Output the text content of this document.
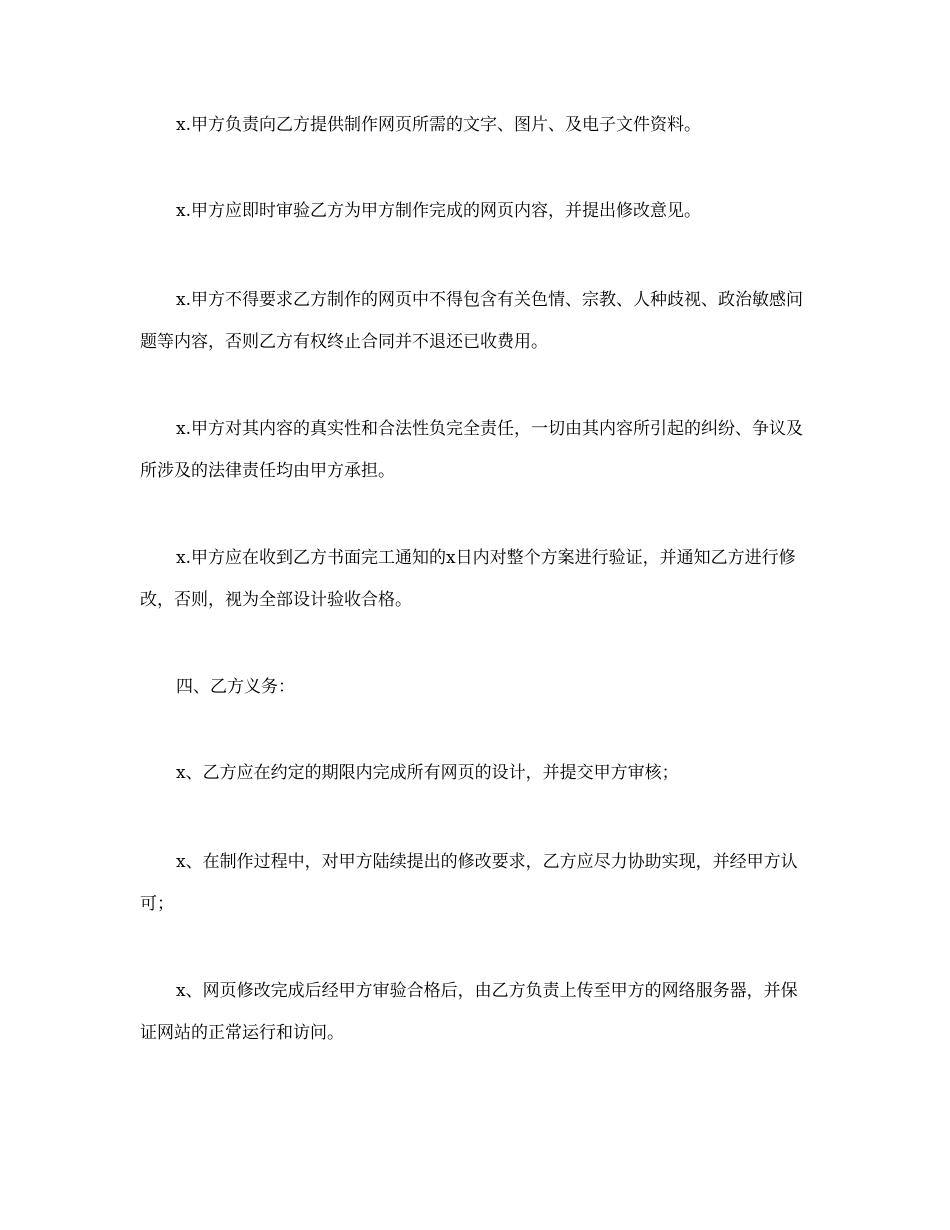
x.甲方负责向乙方提供制作网页所需的文字、图片、及电子文件资料。

x.甲方应即时审验乙方为甲方制作完成的网页内容，并提出修改意见。

x.甲方不得要求乙方制作的网页中不得包含有关色情、宗教、人种歧视、政治敏感问题等内容，否则乙方有权终止合同并不退还已收费用。

x.甲方对其内容的真实性和合法性负完全责任，一切由其内容所引起的纠纷、争议及所涉及的法律责任均由甲方承担。

x.甲方应在收到乙方书面完工通知的x日内对整个方案进行验证，并通知乙方进行修改，否则，视为全部设计验收合格。

四、乙方义务：

x、乙方应在约定的期限内完成所有网页的设计，并提交甲方审核；

x、在制作过程中，对甲方陆续提出的修改要求，乙方应尽力协助实现，并经甲方认可；

x、网页修改完成后经甲方审验合格后，由乙方负责上传至甲方的网络服务器，并保证网站的正常运行和访问。
